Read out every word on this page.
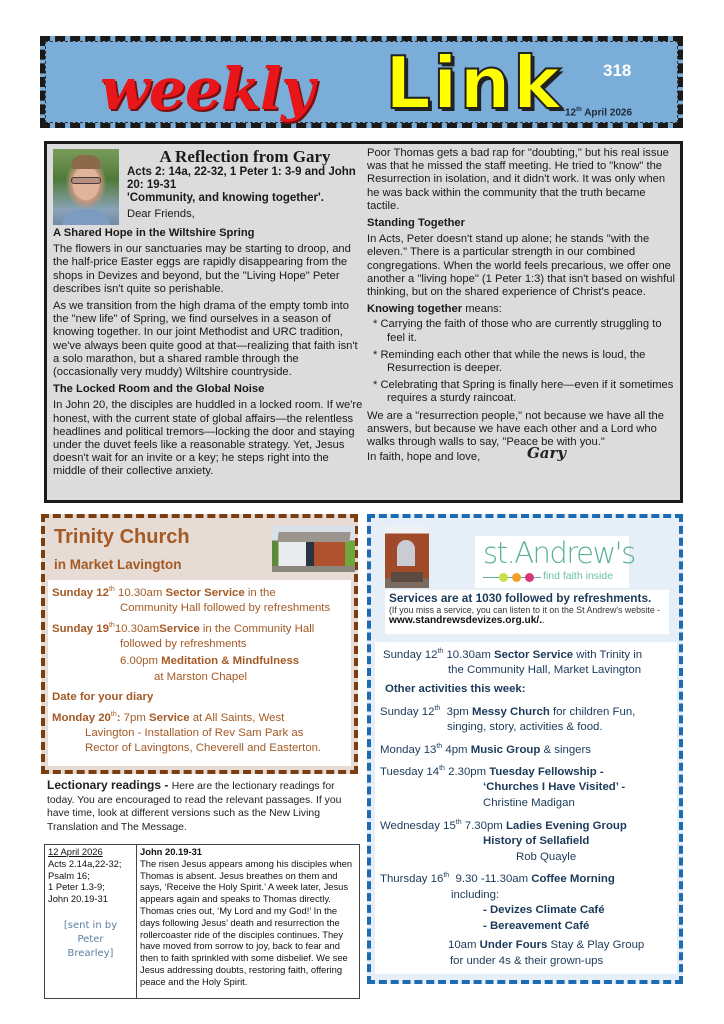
weekly Link 318
12th April 2026
A Reflection from Gary
Acts 2: 14a, 22-32, 1 Peter 1: 3-9 and John 20: 19-31
'Community, and knowing together'.

Dear Friends,

A Shared Hope in the Wiltshire Spring

The flowers in our sanctuaries may be starting to droop, and the half-price Easter eggs are rapidly disappearing from the shops in Devizes and beyond, but the "Living Hope" Peter describes isn't quite so perishable.

As we transition from the high drama of the empty tomb into the "new life" of Spring, we find ourselves in a season of knowing together. In our joint Methodist and URC tradition, we've always been quite good at that—realizing that faith isn't a solo marathon, but a shared ramble through the (occasionally very muddy) Wiltshire countryside.

The Locked Room and the Global Noise

In John 20, the disciples are huddled in a locked room. If we're honest, with the current state of global affairs—the relentless headlines and political tremors—locking the door and staying under the duvet feels like a reasonable strategy. Yet, Jesus doesn't wait for an invite or a key; he steps right into the middle of their collective anxiety.

Poor Thomas gets a bad rap for "doubting," but his real issue was that he missed the staff meeting. He tried to "know" the Resurrection in isolation, and it didn't work. It was only when he was back within the community that the truth became tactile.

Standing Together

In Acts, Peter doesn't stand up alone; he stands "with the eleven." There is a particular strength in our combined congregations. When the world feels precarious, we offer one another a "living hope" (1 Peter 1:3) that isn't based on wishful thinking, but on the shared experience of Christ's peace.

Knowing together means:

* Carrying the faith of those who are currently struggling to feel it.

* Reminding each other that while the news is loud, the Resurrection is deeper.

* Celebrating that Spring is finally here—even if it sometimes requires a sturdy raincoat.

We are a "resurrection people," not because we have all the answers, but because we have each other and a Lord who walks through walls to say, "Peace be with you."

In faith, hope and love,	Gary

Trinity Church
in Market Lavington
Sunday 12th 10.30am Sector Service in the
Community Hall followed by refreshments
Sunday 19th10.30amService in the Community Hall
followed by refreshments
6.00pm Meditation & Mindfulness
at Marston Chapel
Date for your diary
Monday 20th: 7pm Service at All Saints, West
Lavington - Installation of Rev Sam Park as
Rector of Lavingtons, Cheverell and Easterton.

Lectionary readings - Here are the lectionary readings for today. You are encouraged to read the relevant passages. If you have time, look at different versions such as the New Living Translation and The Message.

12 April 2026
Acts 2.14a,22-32;
Psalm 16;
1 Peter 1.3-9;
John 20.19-31
[sent in by
Peter
Brearley]

John 20.19-31
The risen Jesus appears among his disciples when Thomas is absent. Jesus breathes on them and says, ‘Receive the Holy Spirit.’ A week later, Jesus appears again and speaks to Thomas directly. Thomas cries out, ‘My Lord and my God!’ In the days following Jesus’ death and resurrection the rollercoaster ride of the disciples continues. They have moved from sorrow to joy, back to fear and then to faith sprinkled with some disbelief. We see Jesus addressing doubts, restoring faith, offering peace and the Holy Spirit.
st.Andrew's
find faith inside
Services are at 1030 followed by refreshments.
(If you miss a service, you can listen to it on the St Andrew's website - www.standrewsdevizes.org.uk/..
Sunday 12th 10.30am Sector Service with Trinity in
the Community Hall, Market Lavington
Other activities this week:
Sunday 12th  3pm Messy Church for children Fun,
singing, story, activities & food.
Monday 13th 4pm Music Group & singers
Tuesday 14th 2.30pm Tuesday Fellowship -
‘Churches I Have Visited’ -
Christine Madigan
Wednesday 15th 7.30pm Ladies Evening Group
History of Sellafield
Rob Quayle
Thursday 16th  9.30 -11.30am Coffee Morning
including:
- Devizes Climate Café
- Bereavement Café
10am Under Fours Stay & Play Group
for under 4s & their grown-ups
